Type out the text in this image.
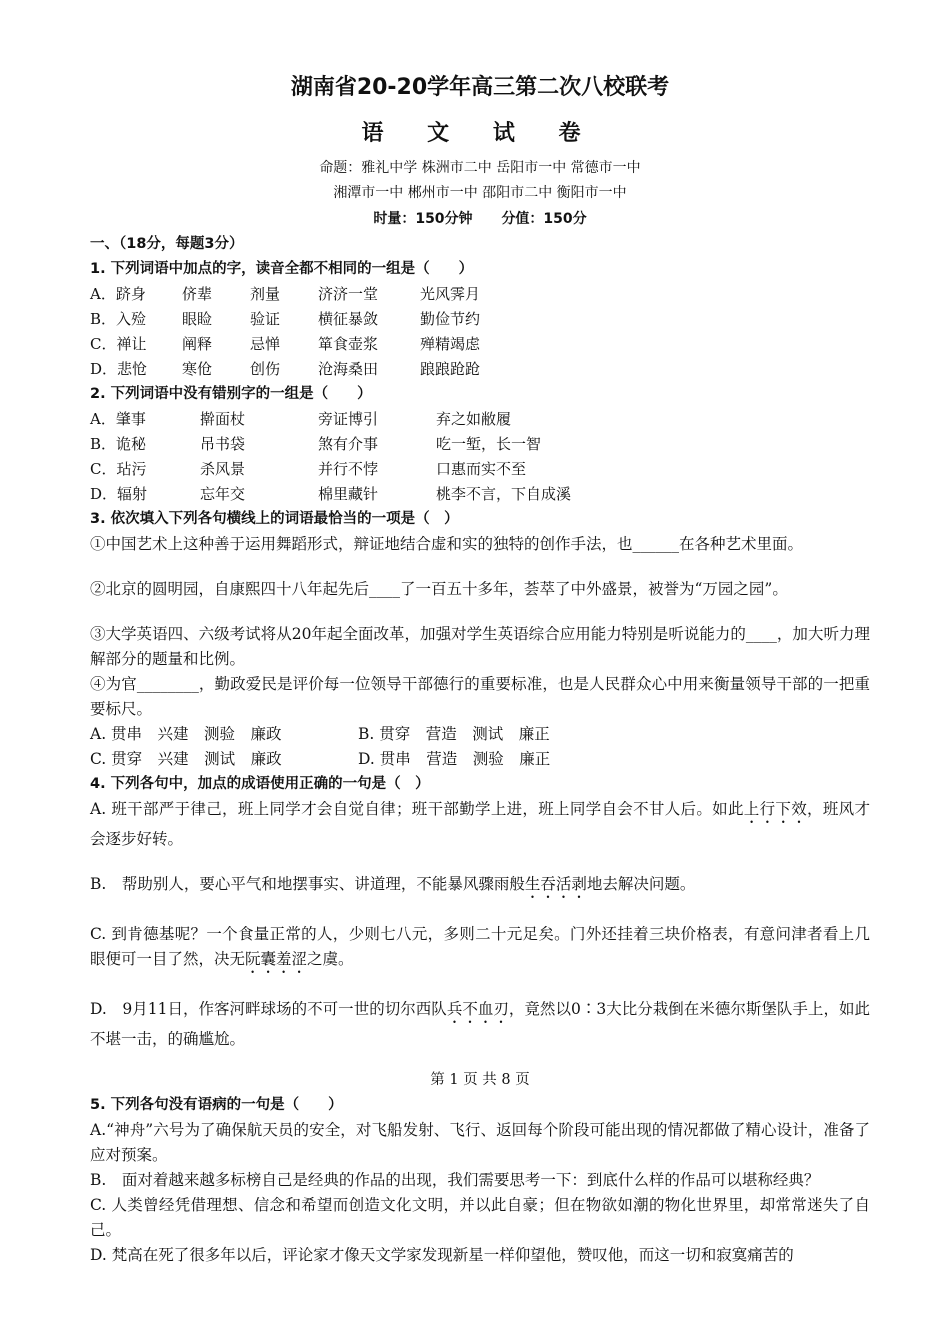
湖南省20-20学年高三第二次八校联考
语 文 试 卷
命题：雅礼中学 株洲市二中 岳阳市一中 常德市一中
湘潭市一中 郴州市一中 邵阳市二中 衡阳市一中
时量：150分钟 分值：150分
一、（18分，每题3分）
1. 下列词语中加点的字，读音全都不相同的一组是（　　）
A．跻身	侪辈	剂量	济济一堂	光风霁月
B．入殓	眼睑	验证	横征暴敛	勤俭节约
C．禅让	阐释	忌惮	箪食壶浆	殚精竭虑
D．悲怆	寒伧	创伤	沧海桑田	踉踉跄跄
2. 下列词语中没有错别字的一组是（　　）
A．肇事	擀面杖	旁证博引	弃之如敝履
B．诡秘	吊书袋	煞有介事	吃一堑，长一智
C．玷污	杀风景	并行不悖	口惠而实不至
D．辐射	忘年交	棉里藏针	桃李不言，下自成溪
3. 依次填入下列各句横线上的词语最恰当的一项是（　）
①中国艺术上这种善于运用舞蹈形式，辩证地结合虚和实的独特的创作手法，也______在各种艺术里面。
②北京的圆明园，自康熙四十八年起先后____了一百五十多年，荟萃了中外盛景，被誉为“万园之园”。
③大学英语四、六级考试将从20年起全面改革，加强对学生英语综合应用能力特别是听说能力的____，加大听力理解部分的题量和比例。
④为官________，勤政爱民是评价每一位领导干部德行的重要标准，也是人民群众心中用来衡量领导干部的一把重要标尺。
A. 贯串　兴建　测验　廉政	B. 贯穿　营造　测试　廉正
C. 贯穿　兴建　测试　廉政	D. 贯串　营造　测验　廉正
4. 下列各句中，加点的成语使用正确的一句是（　）
A. 班干部严于律己，班上同学才会自觉自律；班干部勤学上进，班上同学自会不甘人后。如此上行下效，班风才会逐步好转。
B.　帮助别人，要心平气和地摆事实、讲道理，不能暴风骤雨般生吞活剥地去解决问题。
C. 到肯德基呢？一个食量正常的人，少则七八元，多则二十元足矣。门外还挂着三块价格表，有意问津者看上几眼便可一目了然，决无阮囊羞涩之虞。
D.　9月11日，作客河畔球场的不可一世的切尔西队兵不血刃，竟然以0∶3大比分栽倒在米德尔斯堡队手上，如此不堪一击，的确尴尬。
第 1 页 共 8 页
5. 下列各句没有语病的一句是（　　）
A.“神舟”六号为了确保航天员的安全，对飞船发射、飞行、返回每个阶段可能出现的情况都做了精心设计，准备了应对预案。
B.　面对着越来越多标榜自己是经典的作品的出现，我们需要思考一下：到底什么样的作品可以堪称经典？
C. 人类曾经凭借理想、信念和希望而创造文化文明，并以此自豪；但在物欲如潮的物化世界里，却常常迷失了自己。
D. 梵高在死了很多年以后，评论家才像天文学家发现新星一样仰望他，赞叹他，而这一切和寂寞痛苦的
